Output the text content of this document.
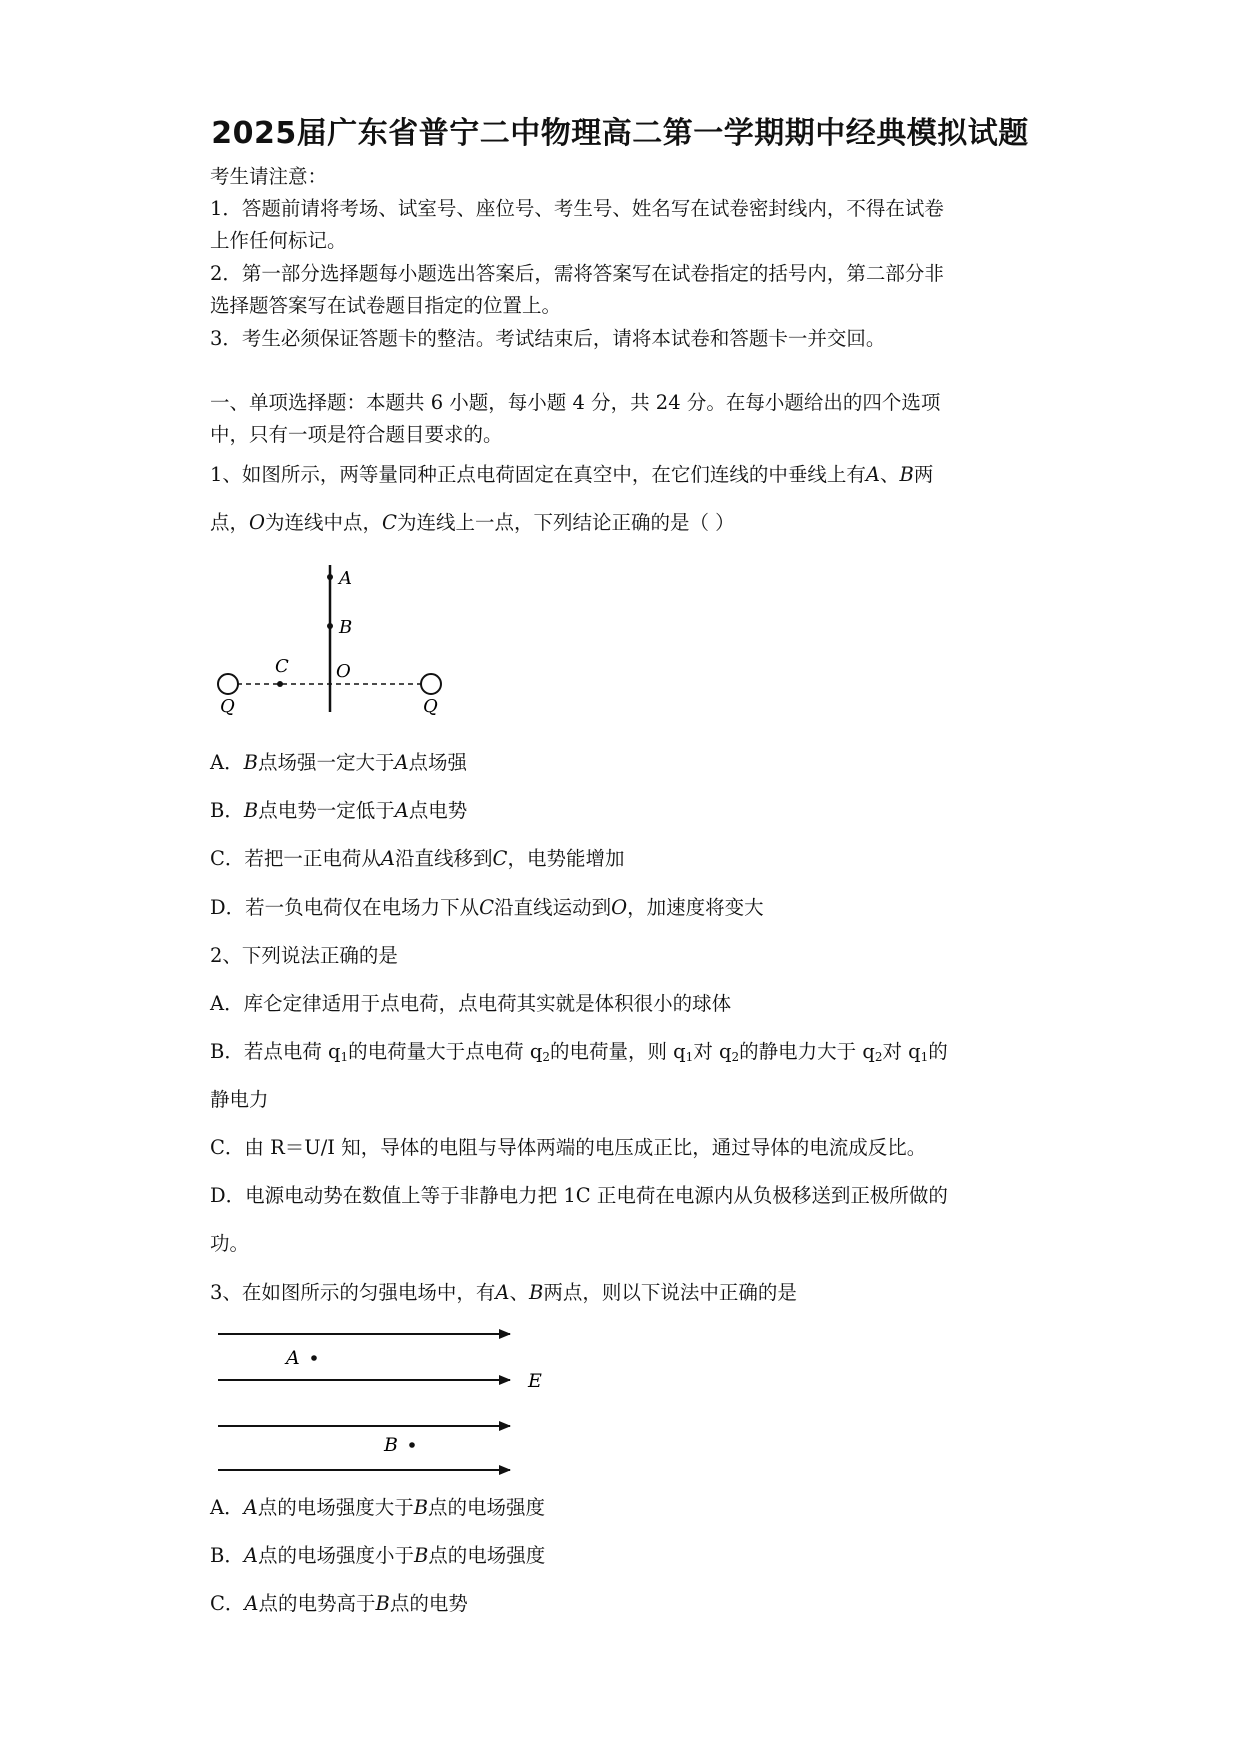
2025届广东省普宁二中物理高二第一学期期中经典模拟试题
考生请注意：
1．答题前请将考场、试室号、座位号、考生号、姓名写在试卷密封线内，不得在试卷
上作任何标记。
2．第一部分选择题每小题选出答案后，需将答案写在试卷指定的括号内，第二部分非
选择题答案写在试卷题目指定的位置上。
3．考生必须保证答题卡的整洁。考试结束后，请将本试卷和答题卡一并交回。
一、单项选择题：本题共 6 小题，每小题 4 分，共 24 分。在每小题给出的四个选项
中，只有一项是符合题目要求的。
1、如图所示，两等量同种正点电荷固定在真空中，在它们连线的中垂线上有A、B两
点，O为连线中点，C为连线上一点，下列结论正确的是（ ）
A
B
C	O
Q	Q
A．B点场强一定大于A点场强
B．B点电势一定低于A点电势
C．若把一正电荷从A沿直线移到C，电势能增加
D．若一负电荷仅在电场力下从C沿直线运动到O，加速度将变大
2、下列说法正确的是
A．库仑定律适用于点电荷，点电荷其实就是体积很小的球体
B．若点电荷 $q_1$的电荷量大于点电荷 $q_2$的电荷量，则 $q_1$对 $q_2$的静电力大于 $q_2$对 $q_1$的
静电力
C．由 R＝U/I 知，导体的电阻与导体两端的电压成正比，通过导体的电流成反比。
D．电源电动势在数值上等于非静电力把 1C 正电荷在电源内从负极移送到正极所做的
功。
3、在如图所示的匀强电场中，有A、B两点，则以下说法中正确的是
A
B
E
A．A点的电场强度大于B点的电场强度
B．A点的电场强度小于B点的电场强度
C．A点的电势高于B点的电势
